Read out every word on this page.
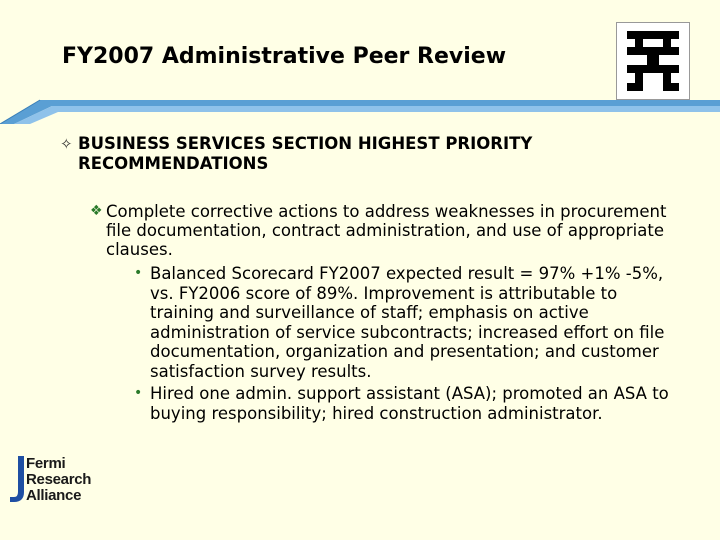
FY2007 Administrative Peer Review
✧ BUSINESS SERVICES SECTION HIGHEST PRIORITY RECOMMENDATIONS
❖ Complete corrective actions to address weaknesses in procurement file documentation, contract administration, and use of appropriate clauses.
• Balanced Scorecard FY2007 expected result = 97% +1% -5%, vs. FY2006 score of 89%. Improvement is attributable to training and surveillance of staff; emphasis on active administration of service subcontracts; increased effort on file documentation, organization and presentation; and customer satisfaction survey results.
• Hired one admin. support assistant (ASA); promoted an ASA to buying responsibility; hired construction administrator.
Fermi
Research
Alliance
